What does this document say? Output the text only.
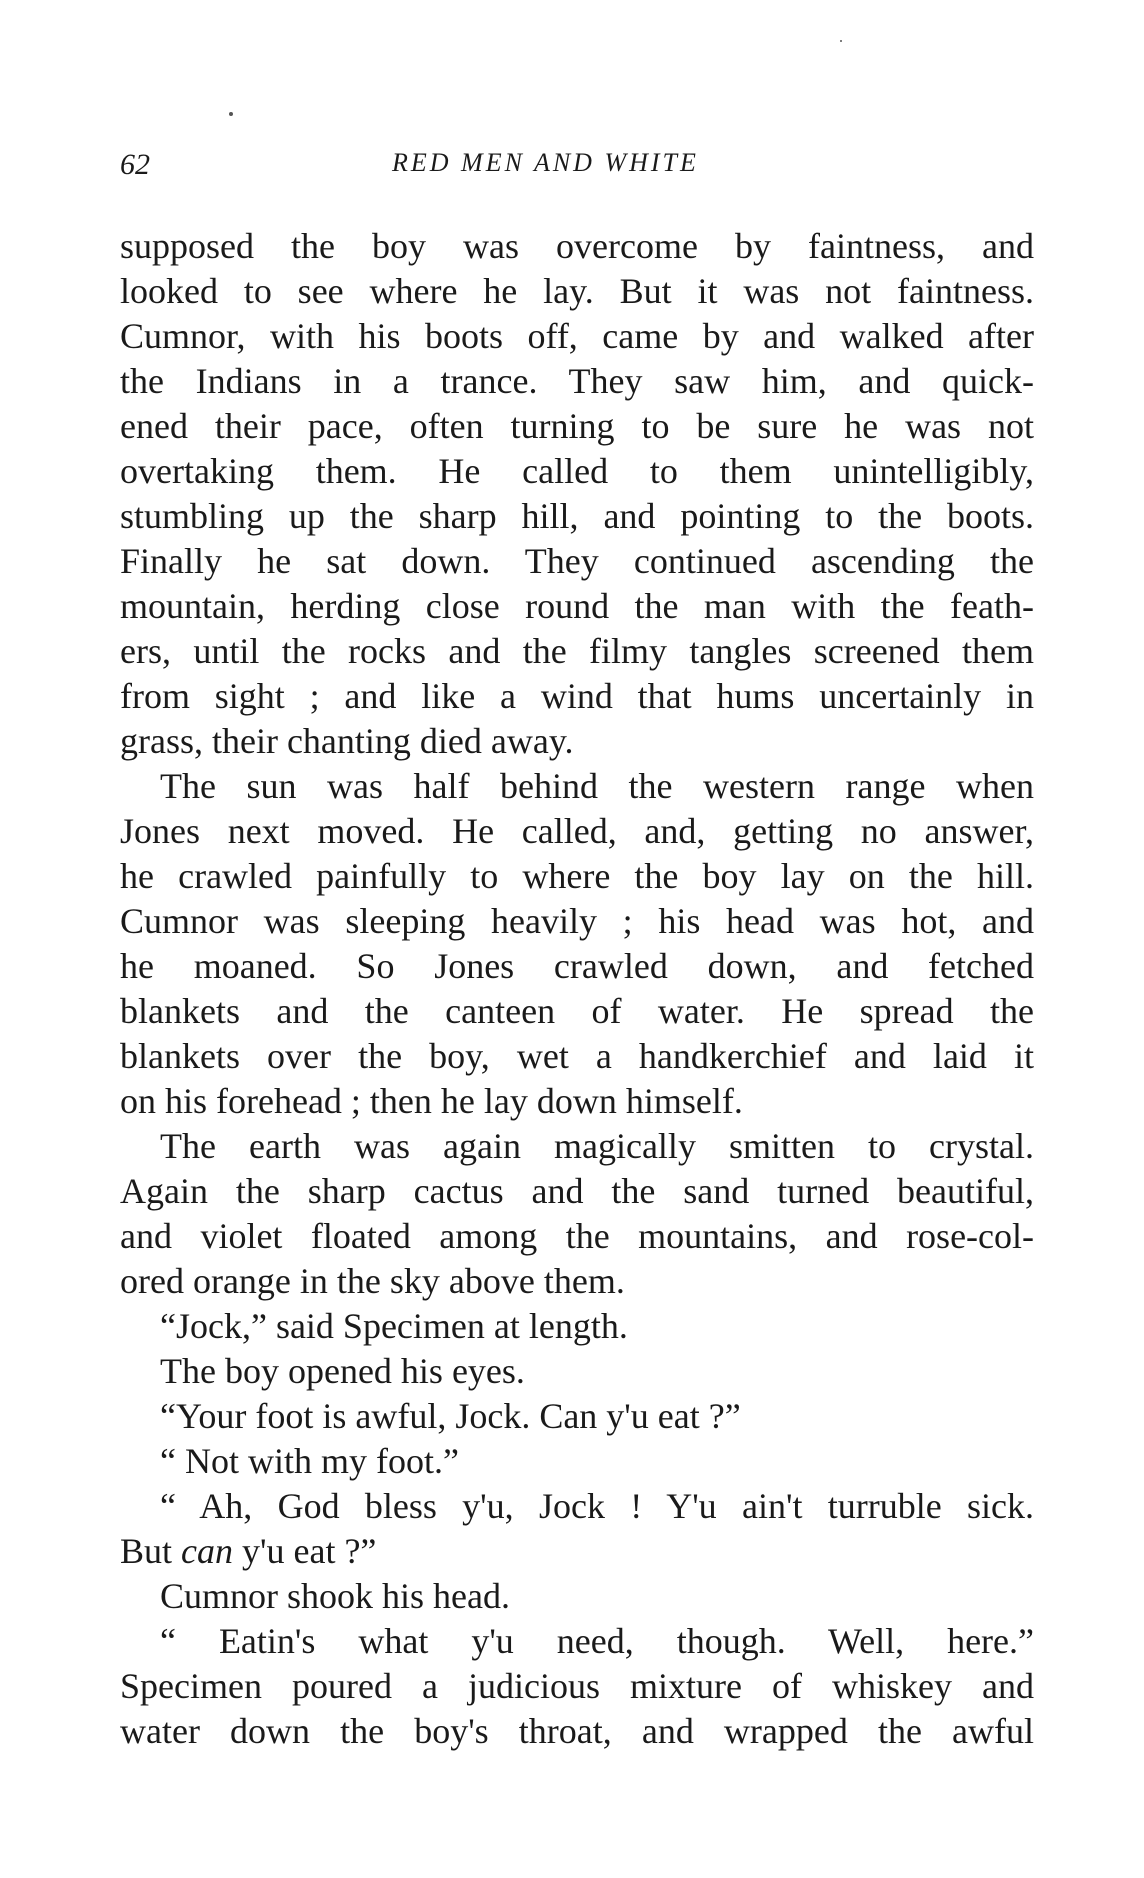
62	RED MEN AND WHITE
supposed the boy was overcome by faintness, and
looked to see where he lay. But it was not faintness.
Cumnor, with his boots off, came by and walked after
the Indians in a trance. They saw him, and quick-
ened their pace, often turning to be sure he was not
overtaking them. He called to them unintelligibly,
stumbling up the sharp hill, and pointing to the boots.
Finally he sat down. They continued ascending the
mountain, herding close round the man with the feath-
ers, until the rocks and the filmy tangles screened them
from sight ; and like a wind that hums uncertainly in
grass, their chanting died away.
The sun was half behind the western range when
Jones next moved. He called, and, getting no answer,
he crawled painfully to where the boy lay on the hill.
Cumnor was sleeping heavily ; his head was hot, and
he moaned. So Jones crawled down, and fetched
blankets and the canteen of water. He spread the
blankets over the boy, wet a handkerchief and laid it
on his forehead ; then he lay down himself.
The earth was again magically smitten to crystal.
Again the sharp cactus and the sand turned beautiful,
and violet floated among the mountains, and rose-col-
ored orange in the sky above them.
“Jock,” said Specimen at length.
The boy opened his eyes.
“Your foot is awful, Jock. Can y'u eat ?”
“ Not with my foot.”
“ Ah, God bless y'u, Jock ! Y'u ain't turruble sick.
But can y'u eat ?”
Cumnor shook his head.
“ Eatin's what y'u need, though. Well, here.”
Specimen poured a judicious mixture of whiskey and
water down the boy's throat, and wrapped the awful
